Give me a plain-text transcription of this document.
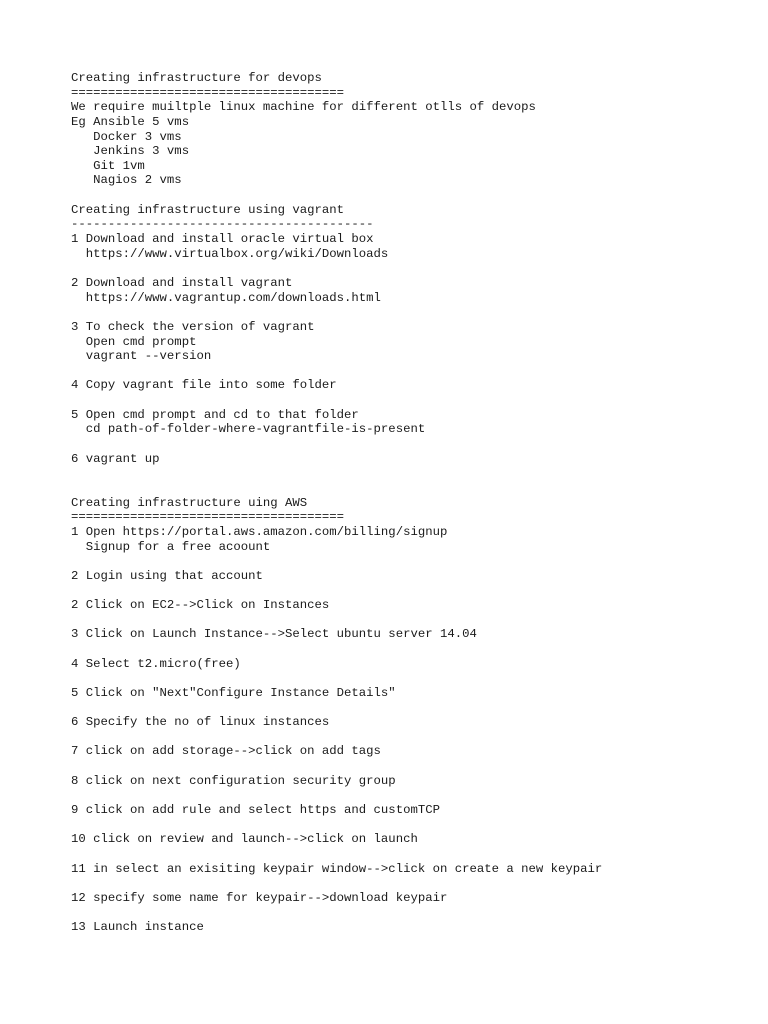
Creating infrastructure for devops
=====================================
We require muiltple linux machine for different otlls of devops
Eg Ansible 5 vms
Docker 3 vms
Jenkins 3 vms
Git 1vm
Nagios 2 vms
Creating infrastructure using vagrant
-----------------------------------------
1 Download and install oracle virtual box
https://www.virtualbox.org/wiki/Downloads
2 Download and install vagrant
https://www.vagrantup.com/downloads.html
3 To check the version of vagrant
Open cmd prompt
vagrant --version
4 Copy vagrant file into some folder
5 Open cmd prompt and cd to that folder
cd path-of-folder-where-vagrantfile-is-present
6 vagrant up
Creating infrastructure uing AWS
=====================================
1 Open https://portal.aws.amazon.com/billing/signup
Signup for a free acoount
2 Login using that account
2 Click on EC2-->Click on Instances
3 Click on Launch Instance-->Select ubuntu server 14.04
4 Select t2.micro(free)
5 Click on "Next"Configure Instance Details"
6 Specify the no of linux instances
7 click on add storage-->click on add tags
8 click on next configuration security group
9 click on add rule and select https and customTCP
10 click on review and launch-->click on launch
11 in select an exisiting keypair window-->click on create a new keypair
12 specify some name for keypair-->download keypair
13 Launch instance
